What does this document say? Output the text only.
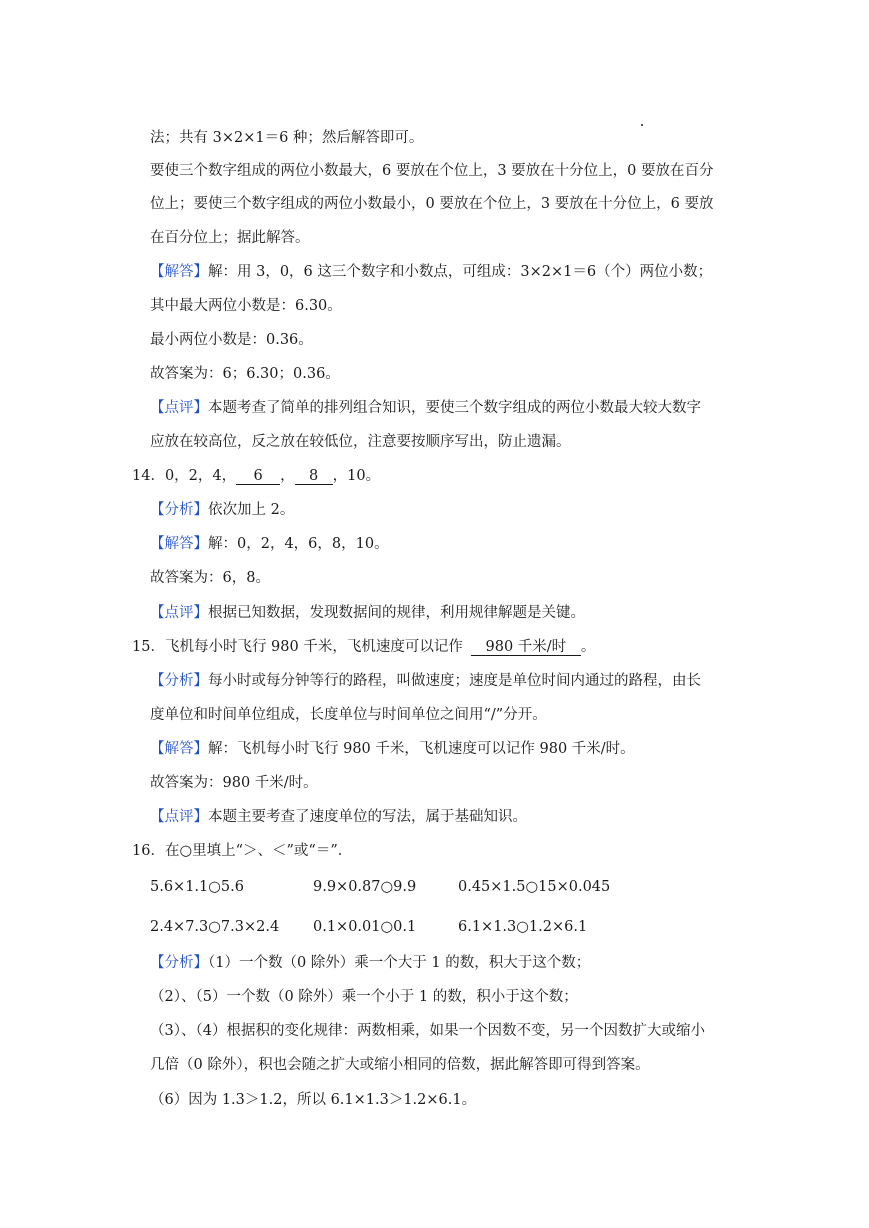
法；共有 3×2×1＝6 种；然后解答即可。
要使三个数字组成的两位小数最大，6 要放在个位上，3 要放在十分位上，0 要放在百分
位上；要使三个数字组成的两位小数最小，0 要放在个位上，3 要放在十分位上，6 要放
在百分位上；据此解答。
【解答】解：用 3，0，6 这三个数字和小数点，可组成：3×2×1＝6（个）两位小数；
其中最大两位小数是：6.30。
最小两位小数是：0.36。
故答案为：6；6.30；0.36。
【点评】本题考查了简单的排列组合知识，要使三个数字组成的两位小数最大较大数字
应放在较高位，反之放在较低位，注意要按顺序写出，防止遗漏。
14．0，2，4， 6 ， 8 ，10。
【分析】依次加上 2。
【解答】解：0，2，4，6，8，10。
故答案为：6，8。
【点评】根据已知数据，发现数据间的规律，利用规律解题是关键。
15．飞机每小时飞行 980 千米，飞机速度可以记作 980 千米/时 。
【分析】每小时或每分钟等行的路程，叫做速度；速度是单位时间内通过的路程，由长
度单位和时间单位组成，长度单位与时间单位之间用“/”分开。
【解答】解：飞机每小时飞行 980 千米，飞机速度可以记作 980 千米/时。
故答案为：980 千米/时。
【点评】本题主要考查了速度单位的写法，属于基础知识。
16．在○里填上“＞、＜”或“＝”．
5.6×1.1○5.6	9.9×0.87○9.9	0.45×1.5○15×0.045
2.4×7.3○7.3×2.4 0.1×0.01○0.1	6.1×1.3○1.2×6.1
【分析】（1）一个数（0 除外）乘一个大于 1 的数，积大于这个数；
（2）、（5）一个数（0 除外）乘一个小于 1 的数，积小于这个数；
（3）、（4）根据积的变化规律：两数相乘，如果一个因数不变，另一个因数扩大或缩小
几倍（0 除外），积也会随之扩大或缩小相同的倍数，据此解答即可得到答案。
（6）因为 1.3＞1.2，所以 6.1×1.3＞1.2×6.1。
